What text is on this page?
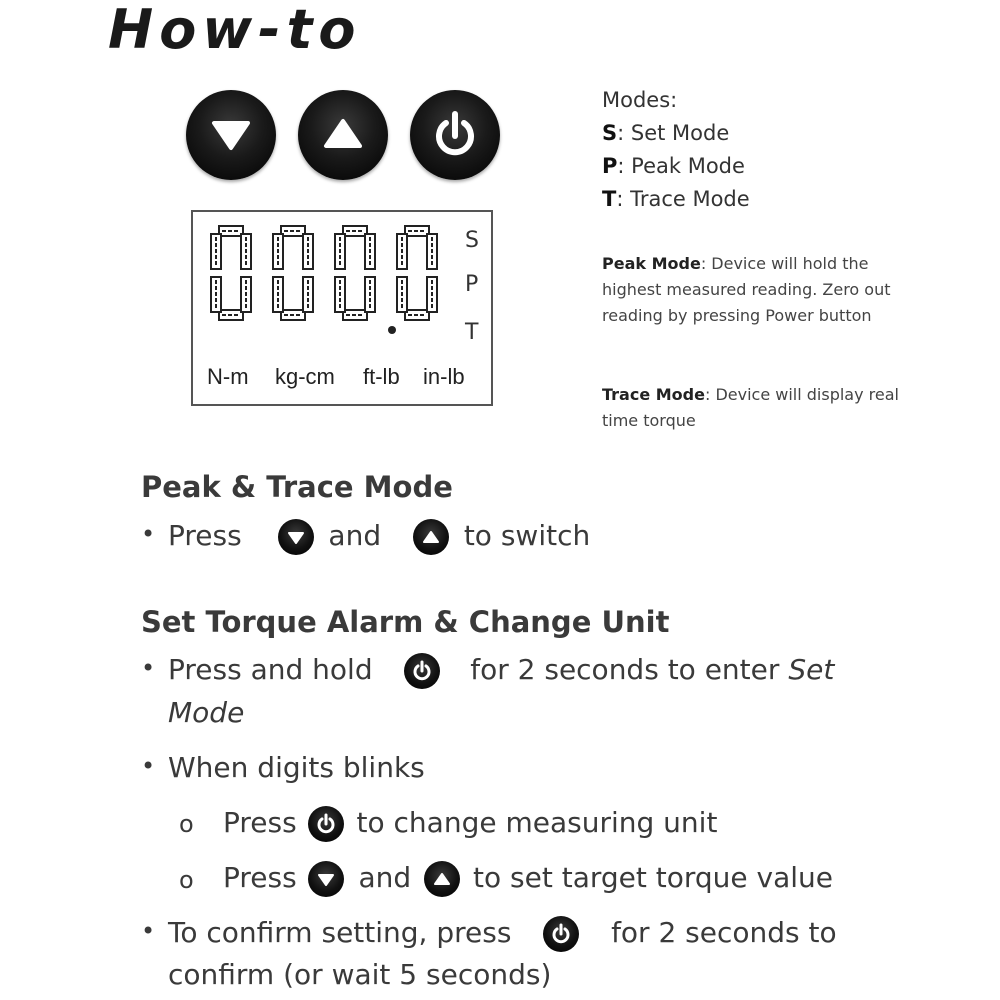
How-to
S
P
T
N-m kg-cm ft-lb in-lb
Modes:
S: Set Mode
P: Peak Mode
T: Trace Mode
Peak Mode: Device will hold the highest measured reading. Zero out reading by pressing Power button
Trace Mode: Device will display real time torque
Peak & Trace Mode
• Press	and	to switch
Set Torque Alarm & Change Unit
• Press and hold	for 2 seconds to enter Set
Mode
• When digits blinks
o Press to change measuring unit
o Press and to set target torque value
• To confirm setting, press	for 2 seconds to
confirm (or wait 5 seconds)
